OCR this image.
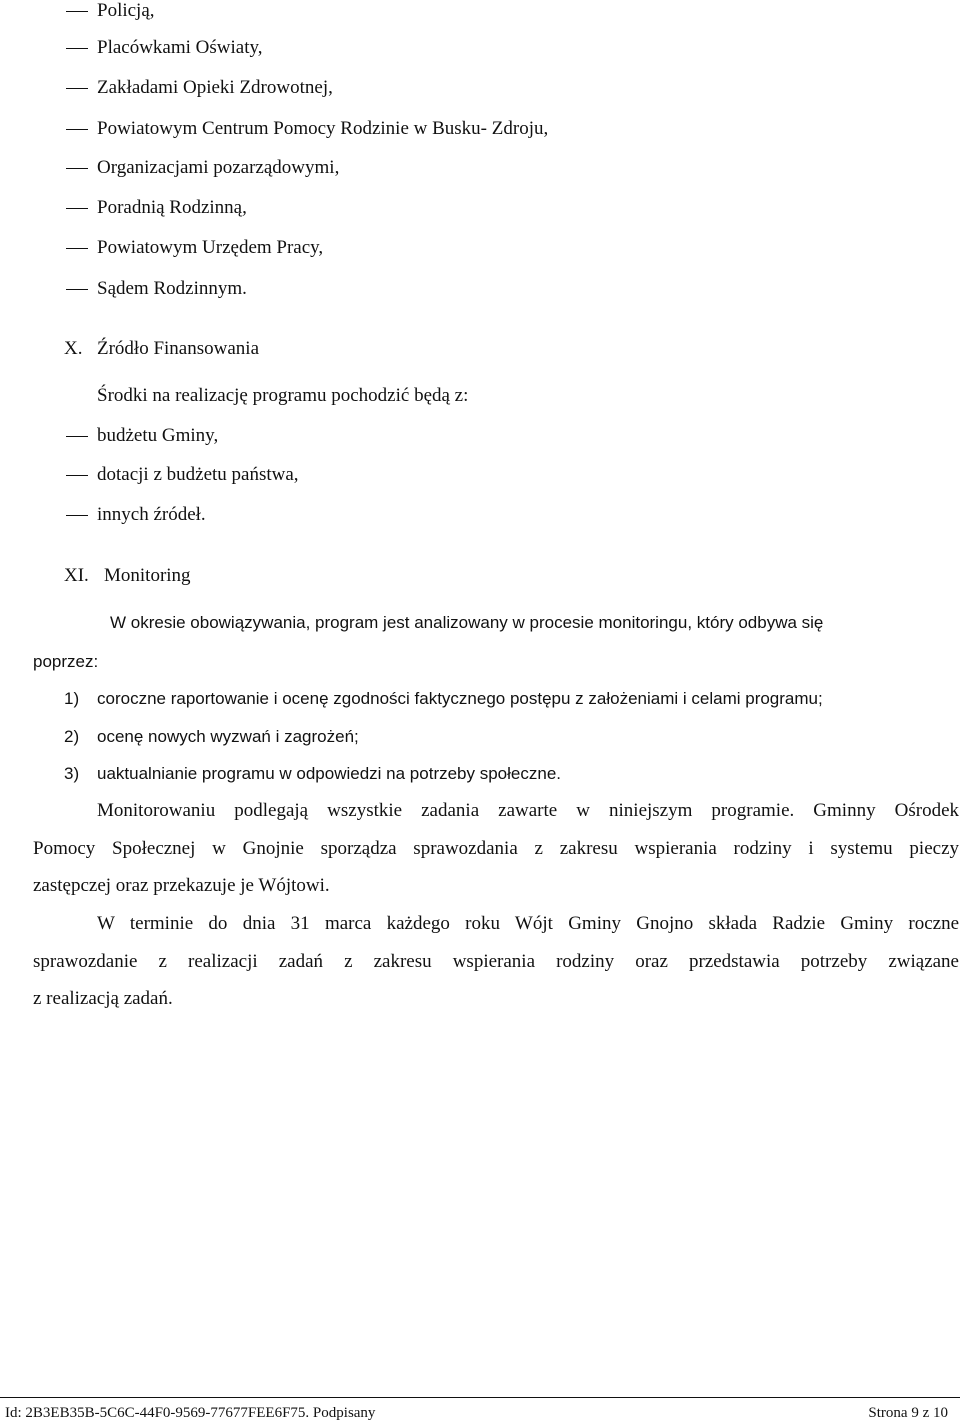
Policją,
Placówkami Oświaty,
Zakładami Opieki Zdrowotnej,
Powiatowym Centrum Pomocy Rodzinie w Busku- Zdroju,
Organizacjami pozarządowymi,
Poradnią Rodzinną,
Powiatowym Urzędem Pracy,
Sądem Rodzinnym.
X. Źródło Finansowania
Środki na realizację programu pochodzić będą z:
budżetu Gminy,
dotacji z budżetu państwa,
innych źródeł.
XI. Monitoring
W okresie obowiązywania, program jest analizowany w procesie monitoringu, który odbywa się
poprzez:
1) coroczne raportowanie i ocenę zgodności faktycznego postępu z założeniami i celami programu;
2) ocenę nowych wyzwań i zagrożeń;
3) uaktualnianie programu w odpowiedzi na potrzeby społeczne.
Monitorowaniu podlegają wszystkie zadania zawarte w niniejszym programie. Gminny Ośrodek
Pomocy Społecznej w Gnojnie sporządza sprawozdania z zakresu wspierania rodziny i systemu pieczy
zastępczej oraz przekazuje je Wójtowi.
W terminie do dnia 31 marca każdego roku Wójt Gminy Gnojno składa Radzie Gminy roczne
sprawozdanie z realizacji zadań z zakresu wspierania rodziny oraz przedstawia potrzeby związane
z realizacją zadań.
Id: 2B3EB35B-5C6C-44F0-9569-77677FEE6F75. Podpisany	Strona 9 z 10
